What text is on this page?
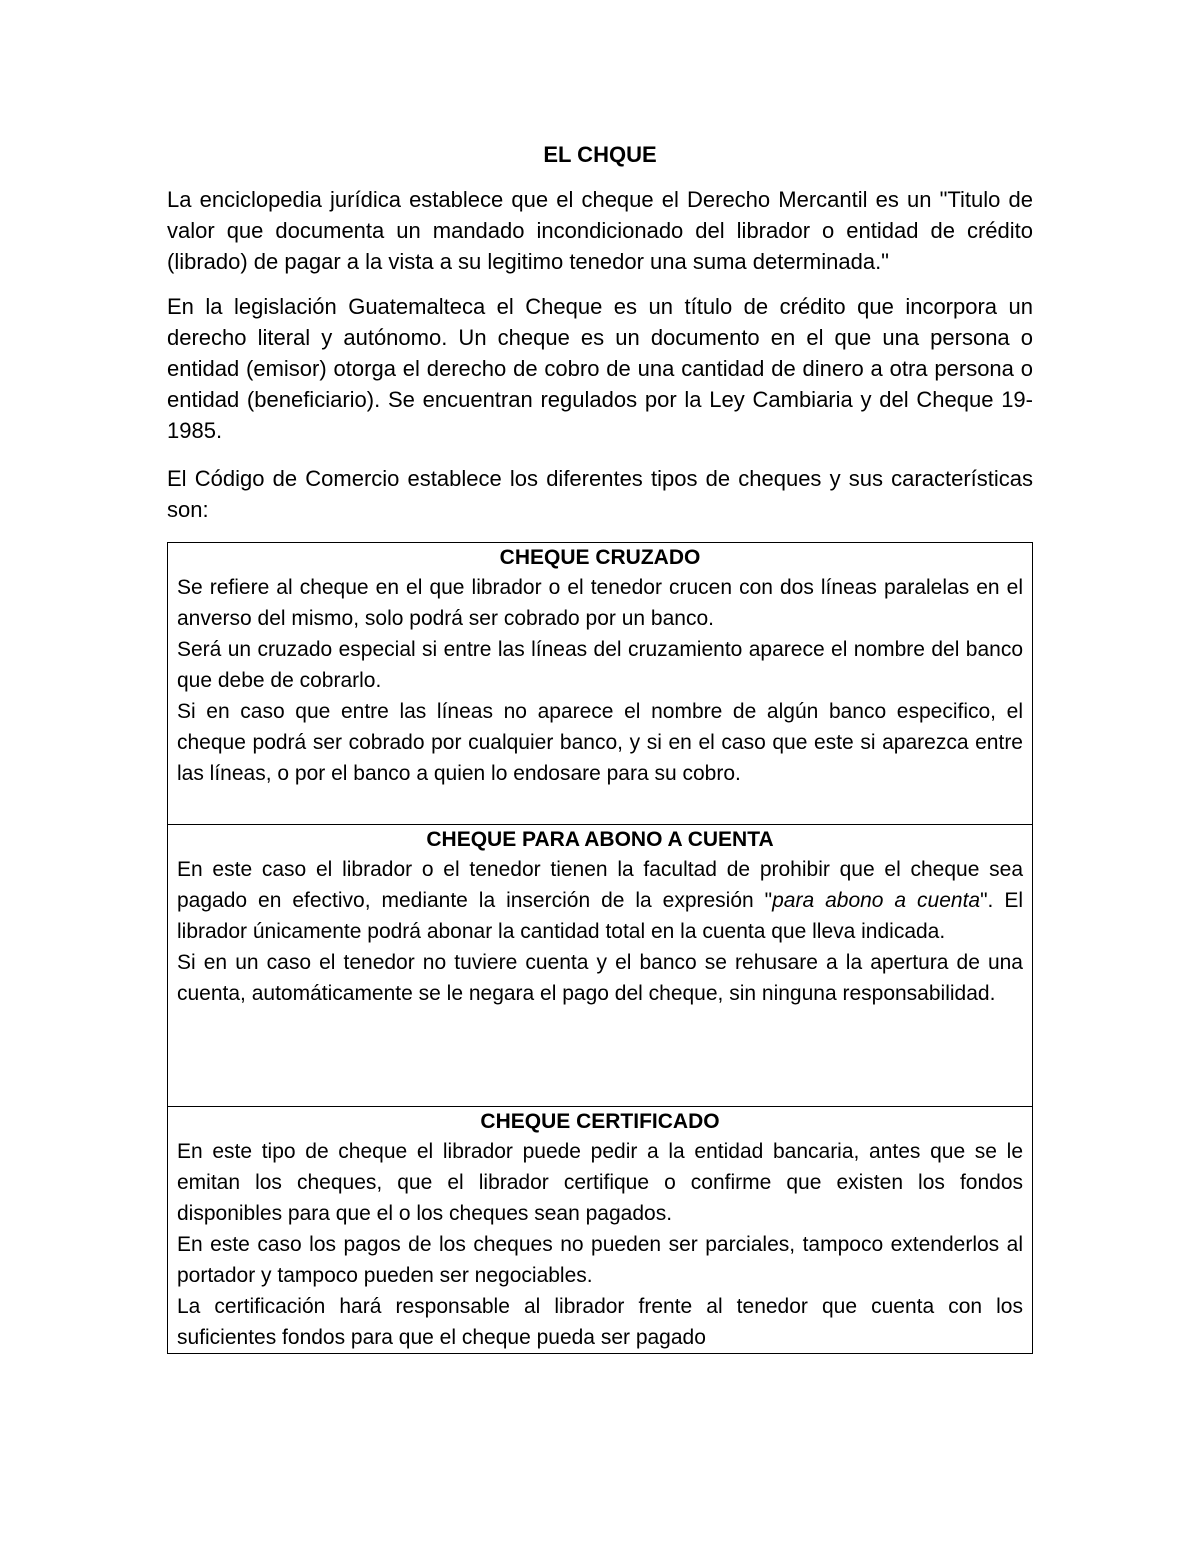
EL CHQUE

La enciclopedia jurídica establece que el cheque el Derecho Mercantil es un "Titulo de valor que documenta un mandado incondicionado del librador o entidad de crédito (librado) de pagar a la vista a su legitimo tenedor una suma determinada."

En la legislación Guatemalteca el Cheque es un título de crédito que incorpora un derecho literal y autónomo. Un cheque es un documento en el que una persona o entidad (emisor) otorga el derecho de cobro de una cantidad de dinero a otra persona o entidad (beneficiario). Se encuentran regulados por la Ley Cambiaria y del Cheque 19-1985.

El Código de Comercio establece los diferentes tipos de cheques y sus características son:

CHEQUE CRUZADO
Se refiere al cheque en el que librador o el tenedor crucen con dos líneas paralelas en el anverso del mismo, solo podrá ser cobrado por un banco.
Será un cruzado especial si entre las líneas del cruzamiento aparece el nombre del banco que debe de cobrarlo.
Si en caso que entre las líneas no aparece el nombre de algún banco especifico, el cheque podrá ser cobrado por cualquier banco, y si en el caso que este si aparezca entre las líneas, o por el banco a quien lo endosare para su cobro.

CHEQUE PARA ABONO A CUENTA
En este caso el librador o el tenedor tienen la facultad de prohibir que el cheque sea pagado en efectivo, mediante la inserción de la expresión "para abono a cuenta". El librador únicamente podrá abonar la cantidad total en la cuenta que lleva indicada.
Si en un caso el tenedor no tuviere cuenta y el banco se rehusare a la apertura de una cuenta, automáticamente se le negara el pago del cheque, sin ninguna responsabilidad.

CHEQUE CERTIFICADO
En este tipo de cheque el librador puede pedir a la entidad bancaria, antes que se le emitan los cheques, que el librador certifique o confirme que existen los fondos disponibles para que el o los cheques sean pagados.
En este caso los pagos de los cheques no pueden ser parciales, tampoco extenderlos al portador y tampoco pueden ser negociables.
La certificación hará responsable al librador frente al tenedor que cuenta con los suficientes fondos para que el cheque pueda ser pagado
